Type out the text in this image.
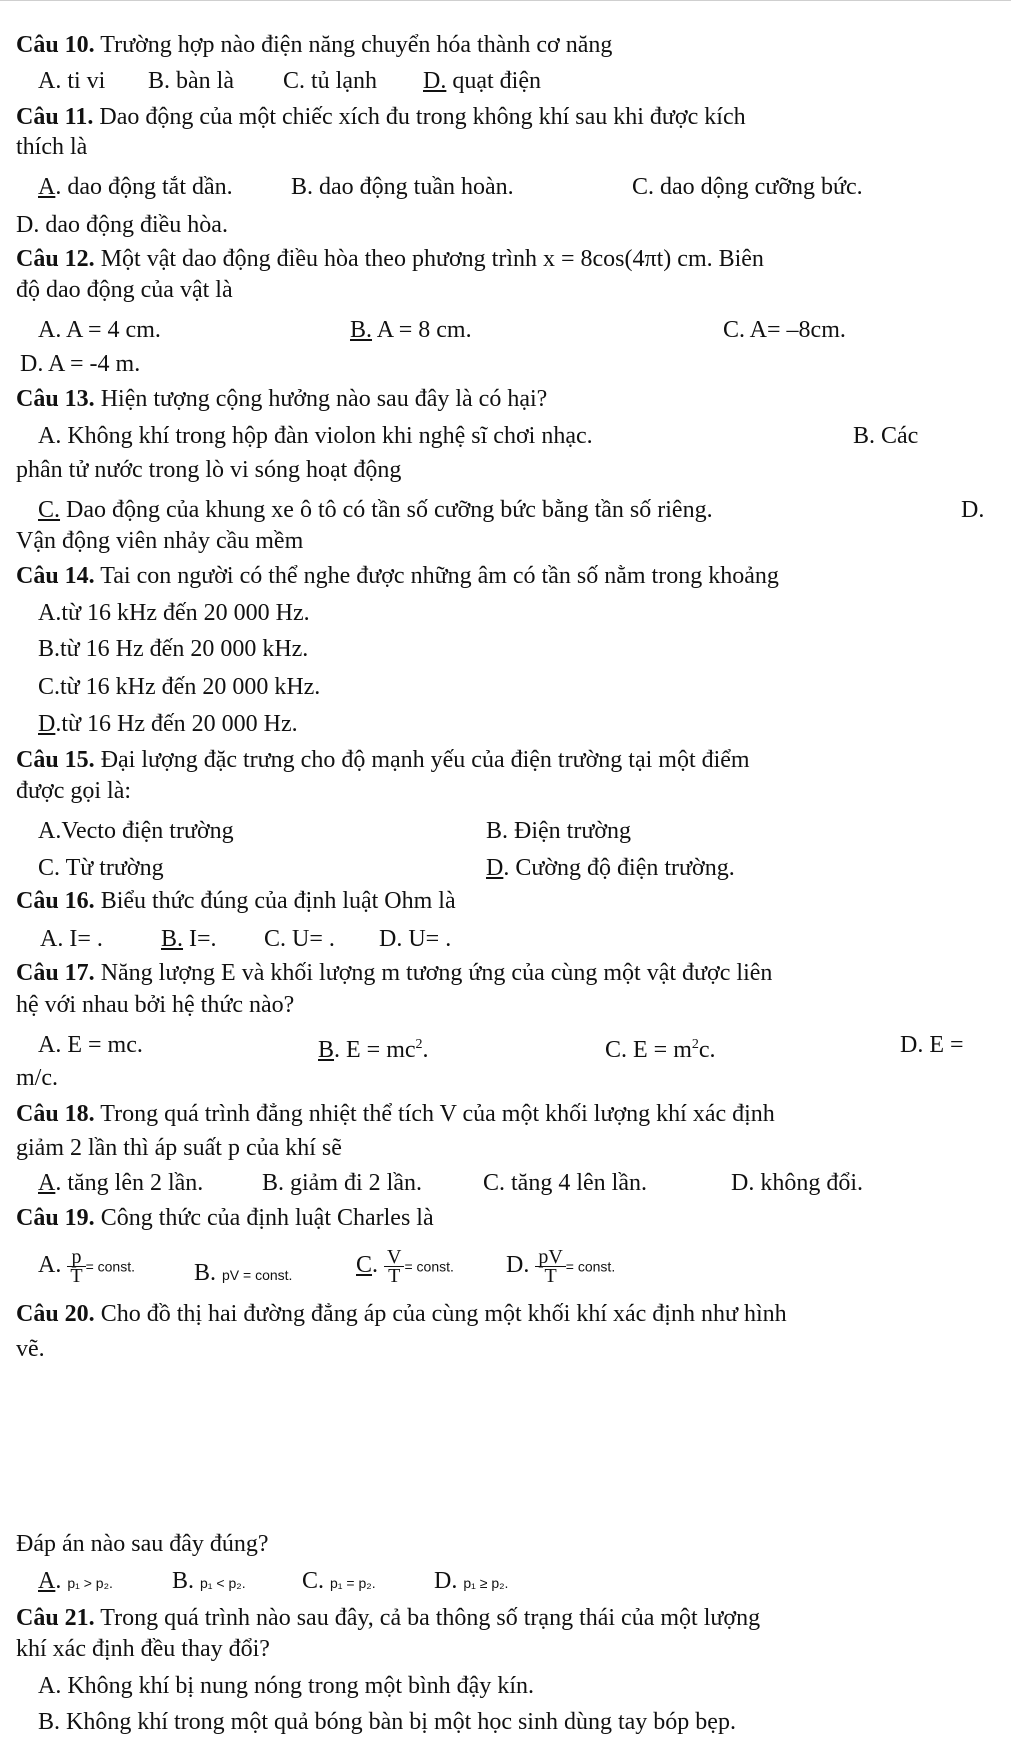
Câu 10. Trường hợp nào điện năng chuyển hóa thành cơ năng
A. ti vi B. bàn là C. tủ lạnh D. quạt điện
Câu 11. Dao động của một chiếc xích đu trong không khí sau khi được kích
thích là
A. dao động tắt dần. B. dao động tuần hoàn.	C. dao dộng cưỡng bức.
D. dao động điều hòa.
Câu 12. Một vật dao động điều hòa theo phương trình x = 8cos(4πt) cm. Biên
độ dao động của vật là
A. A = 4 cm.	B. A = 8 cm.	C. A= –8cm.
D. A = -4 m.
Câu 13. Hiện tượng cộng hưởng nào sau đây là có hại?
A. Không khí trong hộp đàn violon khi nghệ sĩ chơi nhạc.	B. Các
phân tử nước trong lò vi sóng hoạt động
C. Dao động của khung xe ô tô có tần số cưỡng bức bằng tần số riêng.	D.
Vận động viên nhảy cầu mềm
Câu 14. Tai con người có thể nghe được những âm có tần số nằm trong khoảng
A.từ 16 kHz đến 20 000 Hz.
B.từ 16 Hz đến 20 000 kHz.
C.từ 16 kHz đến 20 000 kHz.
D.từ 16 Hz đến 20 000 Hz.
Câu 15. Đại lượng đặc trưng cho độ mạnh yếu của điện trường tại một điểm
được gọi là:
A.Vecto điện trường	B. Điện trường
C. Từ trường	D. Cường độ điện trường.
Câu 16. Biểu thức đúng của định luật Ohm là
A. I= . B. I=. C. U= . D. U= .
Câu 17. Năng lượng E và khối lượng m tương ứng của cùng một vật được liên
hệ với nhau bởi hệ thức nào?
A. E = mc.	B. $E = mc^2$.	C. $E = m^2c$.	D. E =
m/c.
Câu 18. Trong quá trình đẳng nhiệt thể tích V của một khối lượng khí xác định
giảm 2 lần thì áp suất p của khí sẽ
A. tăng lên 2 lần. B. giảm đi 2 lần.	C. tăng 4 lên lần.	D. không đổi.
Câu 19. Công thức của định luật Charles là
A. $\frac{p}{T}$ = const. B. pV = const.	C. $\frac{V}{T}$ = const. D. $\frac{pV}{T}$ = const.
Câu 20. Cho đồ thị hai đường đẳng áp của cùng một khối khí xác định như hình
vẽ.
Đáp án nào sau đây đúng?
A. p₁ > p₂. B. p₁ < p₂. C. p₁ = p₂. D. p₁ ≥ p₂.
Câu 21. Trong quá trình nào sau đây, cả ba thông số trạng thái của một lượng
khí xác định đều thay đổi?
A. Không khí bị nung nóng trong một bình đậy kín.
B. Không khí trong một quả bóng bàn bị một học sinh dùng tay bóp bẹp.
